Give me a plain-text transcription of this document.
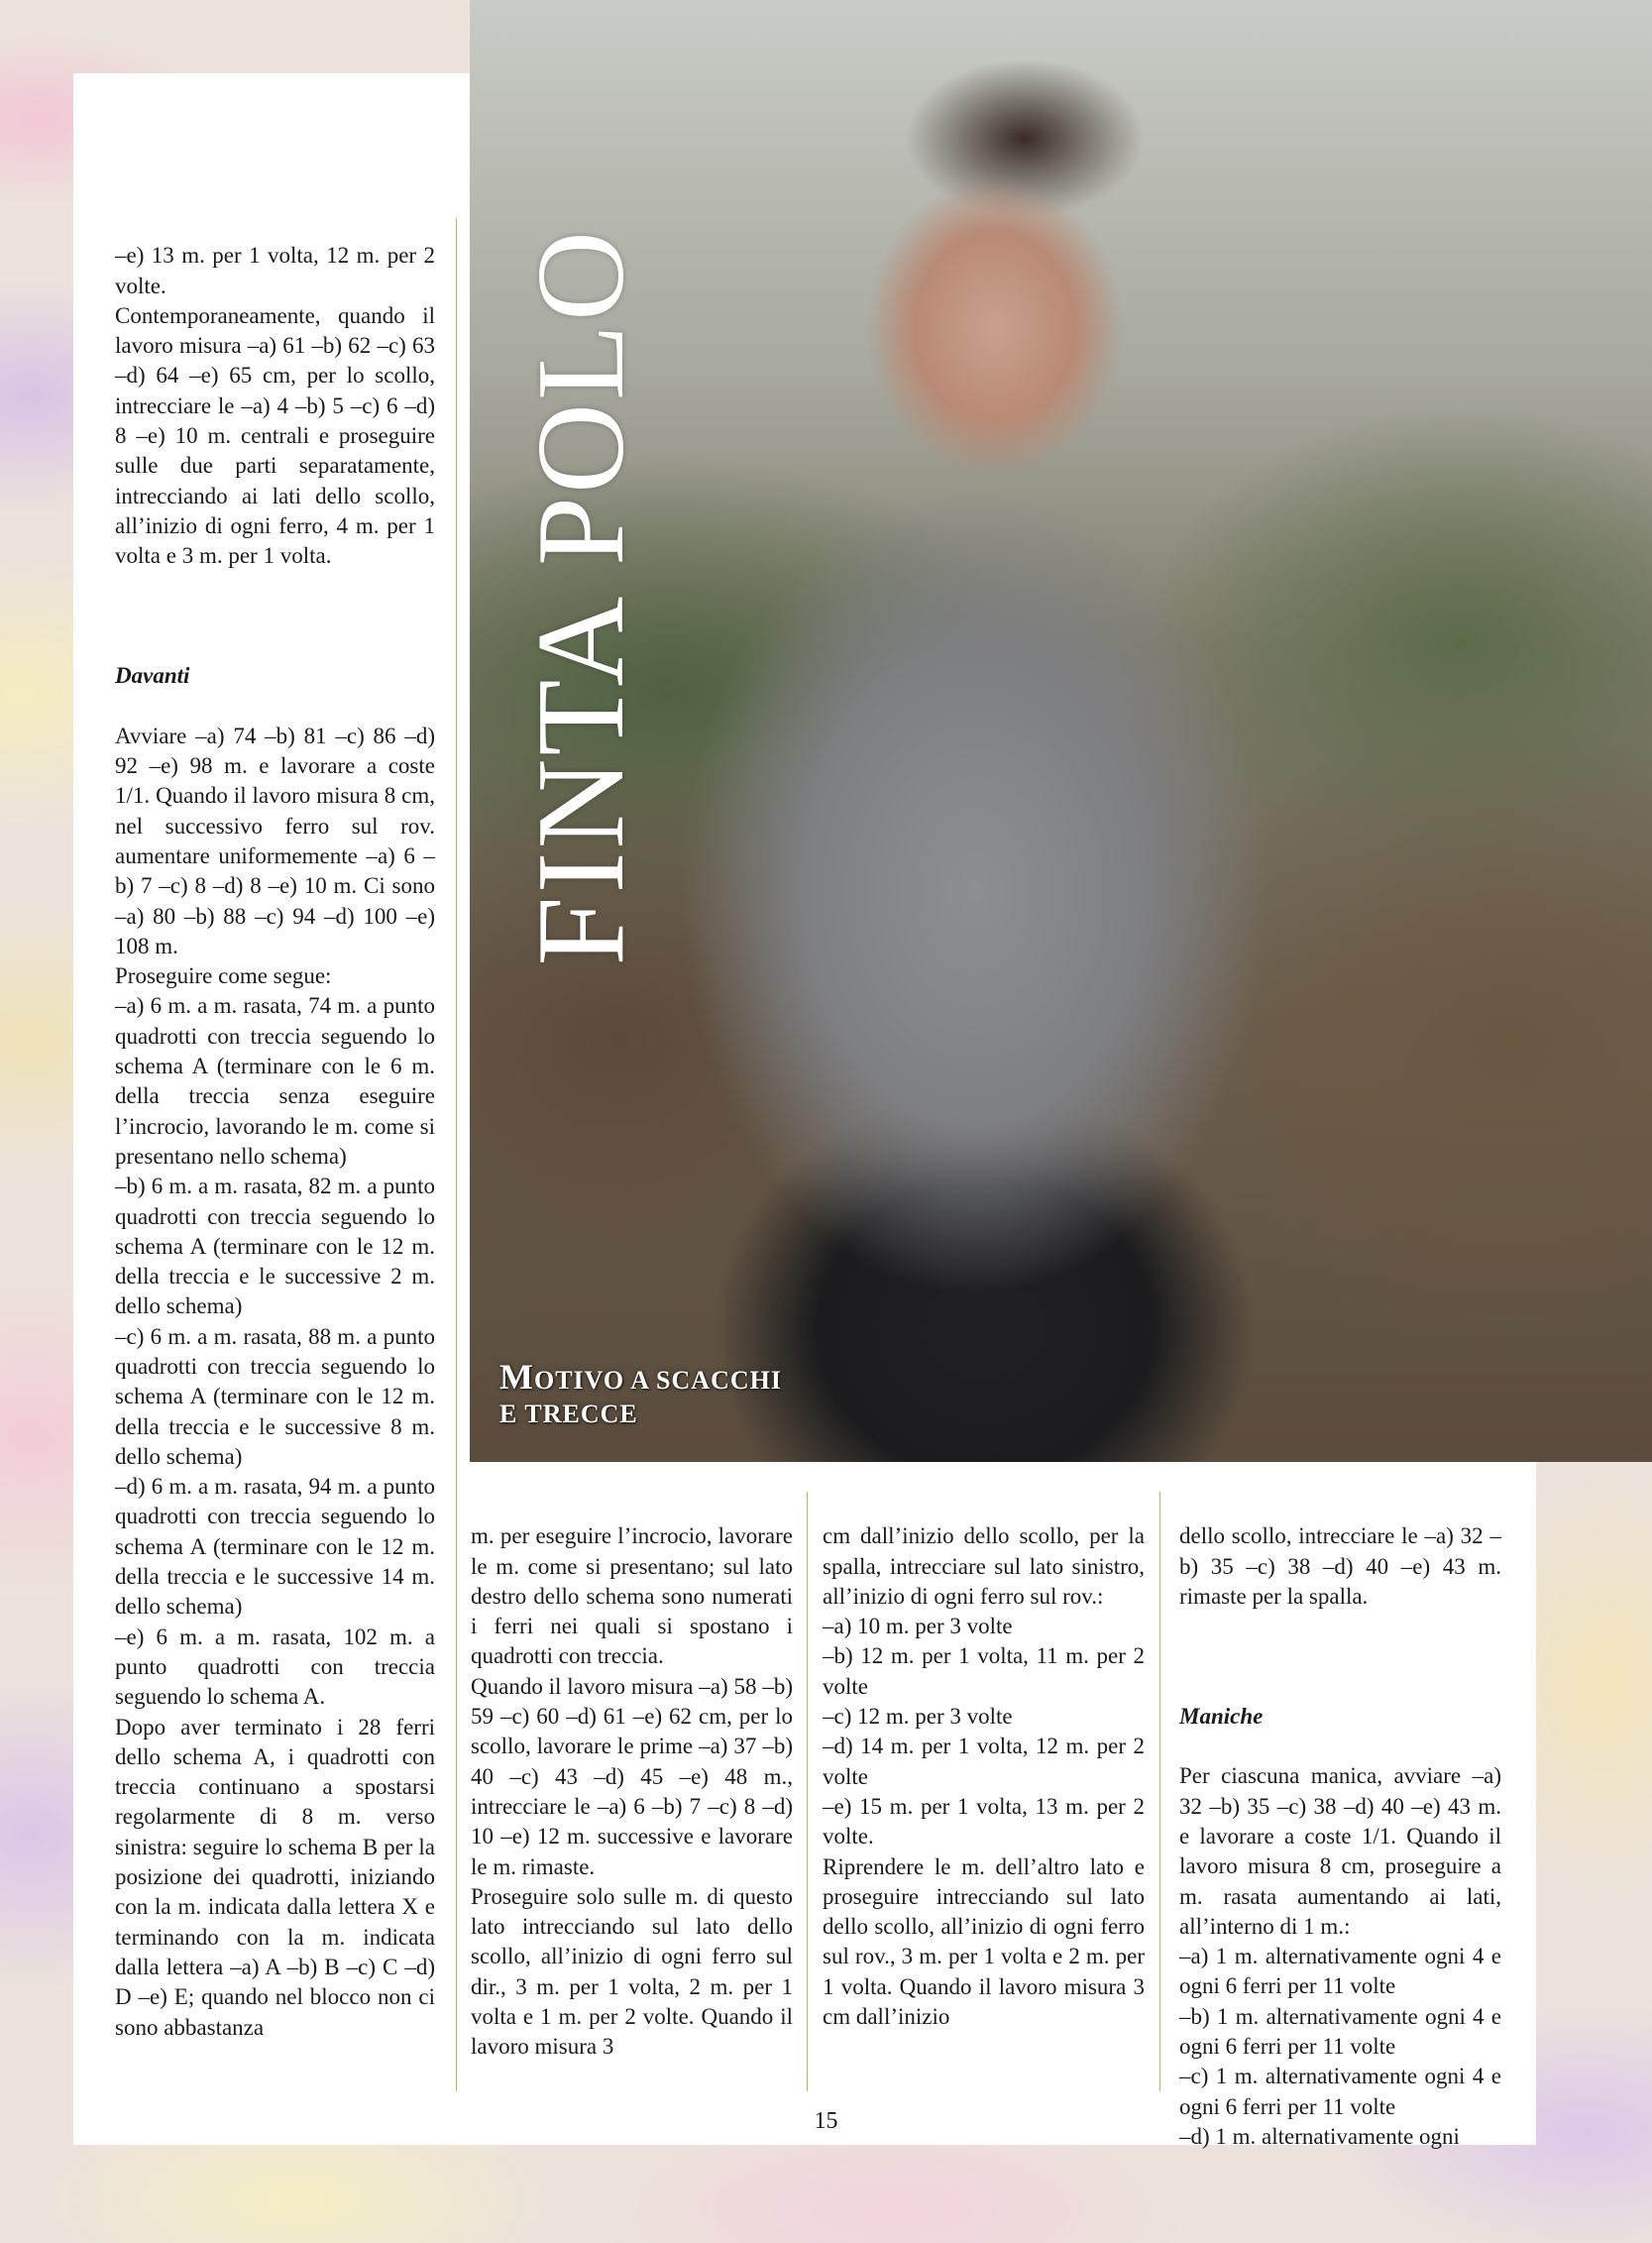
FINTA POLO
MOTIVO A SCACCHI
E TRECCE

–e) 13 m. per 1 volta, 12 m. per 2 volte.
Contemporaneamente, quando il lavoro misura –a) 61 –b) 62 –c) 63 –d) 64 –e) 65 cm, per lo scollo, intrecciare le –a) 4 –b) 5 –c) 6 –d) 8 –e) 10 m. centrali e proseguire sulle due parti separatamente, intrecciando ai lati dello scollo, all’inizio di ogni ferro, 4 m. per 1 volta e 3 m. per 1 volta.

Davanti

Avviare –a) 74 –b) 81 –c) 86 –d) 92 –e) 98 m. e lavorare a coste 1/1. Quando il lavoro misura 8 cm, nel successivo ferro sul rov. aumentare uniformemente –a) 6 –b) 7 –c) 8 –d) 8 –e) 10 m. Ci sono –a) 80 –b) 88 –c) 94 –d) 100 –e) 108 m.
Proseguire come segue:
–a) 6 m. a m. rasata, 74 m. a punto quadrotti con treccia seguendo lo schema A (terminare con le 6 m. della treccia senza eseguire l’incrocio, lavorando le m. come si presentano nello schema)
–b) 6 m. a m. rasata, 82 m. a punto quadrotti con treccia seguendo lo schema A (terminare con le 12 m. della treccia e le successive 2 m. dello schema)
–c) 6 m. a m. rasata, 88 m. a punto quadrotti con treccia seguendo lo schema A (terminare con le 12 m. della treccia e le successive 8 m. dello schema)
–d) 6 m. a m. rasata, 94 m. a punto quadrotti con treccia seguendo lo schema A (terminare con le 12 m. della treccia e le successive 14 m. dello schema)
–e) 6 m. a m. rasata, 102 m. a punto quadrotti con treccia seguendo lo schema A.
Dopo aver terminato i 28 ferri dello schema A, i quadrotti con treccia continuano a spostarsi regolarmente di 8 m. verso sinistra: seguire lo schema B per la posizione dei quadrotti, iniziando con la m. indicata dalla lettera X e terminando con la m. indicata dalla lettera –a) A –b) B –c) C –d) D –e) E; quando nel blocco non ci sono abbastanza

m. per eseguire l’incrocio, lavorare le m. come si presentano; sul lato destro dello schema sono numerati i ferri nei quali si spostano i quadrotti con treccia.
Quando il lavoro misura –a) 58 –b) 59 –c) 60 –d) 61 –e) 62 cm, per lo scollo, lavorare le prime –a) 37 –b) 40 –c) 43 –d) 45 –e) 48 m., intrecciare le –a) 6 –b) 7 –c) 8 –d) 10 –e) 12 m. successive e lavorare le m. rimaste.
Proseguire solo sulle m. di questo lato intrecciando sul lato dello scollo, all’inizio di ogni ferro sul dir., 3 m. per 1 volta, 2 m. per 1 volta e 1 m. per 2 volte. Quando il lavoro misura 3

cm dall’inizio dello scollo, per la spalla, intrecciare sul lato sinistro, all’inizio di ogni ferro sul rov.:
–a) 10 m. per 3 volte
–b) 12 m. per 1 volta, 11 m. per 2 volte
–c) 12 m. per 3 volte
–d) 14 m. per 1 volta, 12 m. per 2 volte
–e) 15 m. per 1 volta, 13 m. per 2 volte.
Riprendere le m. dell’altro lato e proseguire intrecciando sul lato dello scollo, all’inizio di ogni ferro sul rov., 3 m. per 1 volta e 2 m. per 1 volta. Quando il lavoro misura 3 cm dall’inizio

dello scollo, intrecciare le –a) 32 –b) 35 –c) 38 –d) 40 –e) 43 m. rimaste per la spalla.

Maniche

Per ciascuna manica, avviare –a) 32 –b) 35 –c) 38 –d) 40 –e) 43 m. e lavorare a coste 1/1. Quando il lavoro misura 8 cm, proseguire a m. rasata aumentando ai lati, all’interno di 1 m.:
–a) 1 m. alternativamente ogni 4 e ogni 6 ferri per 11 volte
–b) 1 m. alternativamente ogni 4 e ogni 6 ferri per 11 volte
–c) 1 m. alternativamente ogni 4 e ogni 6 ferri per 11 volte
–d) 1 m. alternativamente ogni

15
